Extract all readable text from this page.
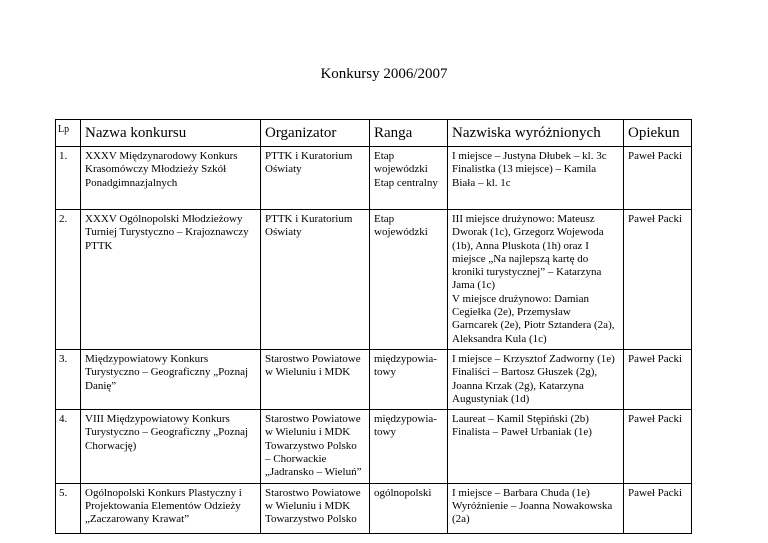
Konkursy 2006/2007
Lp	Nazwa konkursu	Organizator	Ranga	Nazwiska wyróżnionych	Opiekun
1.	XXXV Międzynarodowy Konkurs Krasomówczy Młodzieży Szkół Ponadgimnazjalnych	PTTK i Kuratorium Oświaty	Etap wojewódzki
Etap centralny	I miejsce – Justyna Dłubek – kl. 3c
Finalistka (13 miejsce) – Kamila Biała – kl. 1c	Paweł Packi
2.	XXXV Ogólnopolski Młodzieżowy Turniej Turystyczno – Krajoznawczy PTTK	PTTK i Kuratorium Oświaty	Etap wojewódzki	III miejsce drużynowo: Mateusz Dworak (1c), Grzegorz Wojewoda (1b), Anna Pluskota (1h) oraz I miejsce „Na najlepszą kartę do kroniki turystycznej” – Katarzyna Jama (1c)
V miejsce drużynowo: Damian Cegiełka (2e), Przemysław Garncarek (2e), Piotr Sztandera (2a), Aleksandra Kula (1c)	Paweł Packi
3.	Międzypowiatowy Konkurs Turystyczno – Geograficzny „Poznaj Danię”	Starostwo Powiatowe w Wieluniu i MDK	międzypowia-towy	I miejsce – Krzysztof Zadworny (1e)
Finaliści – Bartosz Głuszek (2g), Joanna Krzak (2g), Katarzyna Augustyniak (1d)	Paweł Packi
4.	VIII Międzypowiatowy Konkurs Turystyczno – Geograficzny „Poznaj Chorwację)	Starostwo Powiatowe w Wieluniu i MDK Towarzystwo Polsko – Chorwackie „Jadransko – Wieluń”	międzypowia-towy	Laureat – Kamil Stępiński (2b)
Finalista – Paweł Urbaniak (1e)	Paweł Packi
5.	Ogólnopolski Konkurs Plastyczny i Projektowania Elementów Odzieży „Zaczarowany Krawat”	Starostwo Powiatowe w Wieluniu i MDK Towarzystwo Polsko	ogólnopolski	I miejsce – Barbara Chuda (1e)
Wyróżnienie – Joanna Nowakowska (2a)	Paweł Packi
